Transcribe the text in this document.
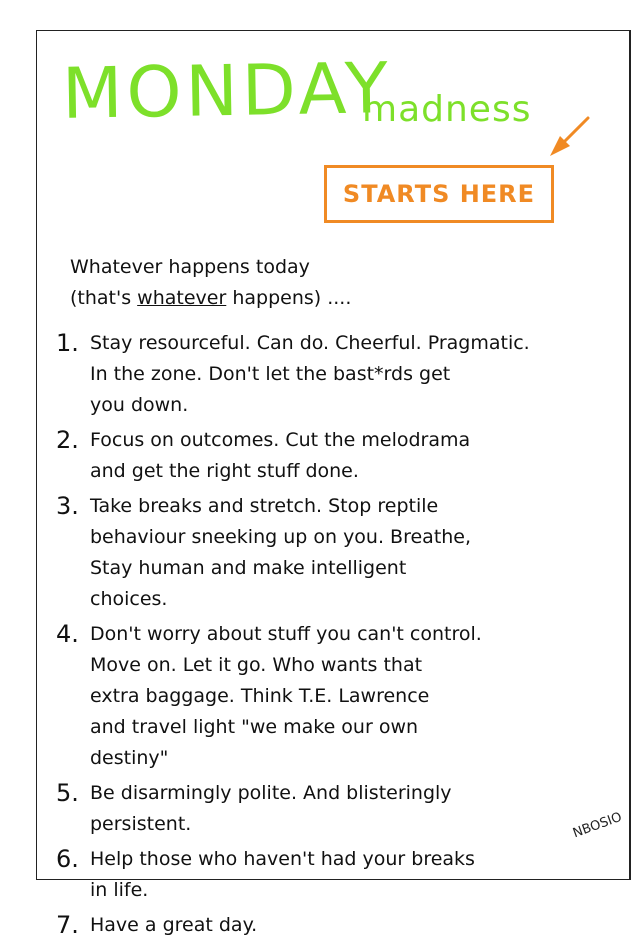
MONDAY
madness
STARTS HERE
Whatever happens today
(that's whatever happens) ....
1. Stay resourceful. Can do. Cheerful. Pragmatic.
In the zone. Don't let the bast*rds get
you down.
2. Focus on outcomes. Cut the melodrama
and get the right stuff done.
3. Take breaks and stretch. Stop reptile
behaviour sneeking up on you. Breathe,
Stay human and make intelligent
choices.
4. Don't worry about stuff you can't control.
Move on. Let it go. Who wants that
extra baggage. Think T.E. Lawrence
and travel light "we make our own
destiny"
5. Be disarmingly polite. And blisteringly
persistent.
6. Help those who haven't had your breaks
in life.
7. Have a great day.
NBOSIO
